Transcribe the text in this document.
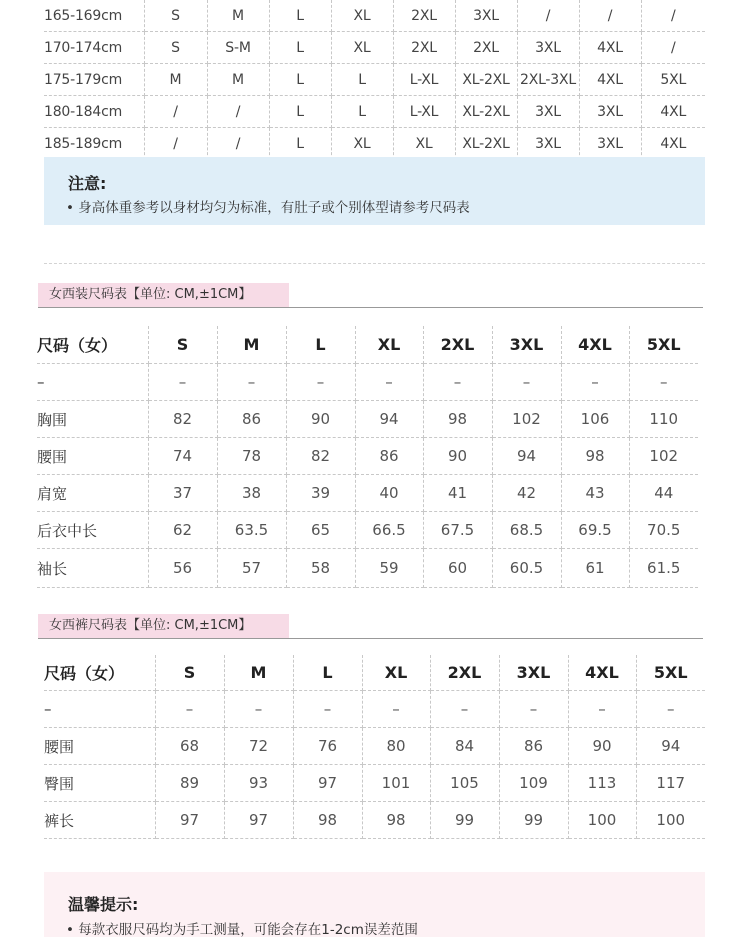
165-169cm	S	M	L	XL	2XL	3XL	/	/	/
170-174cm	S	S-M	L	XL	2XL	2XL	3XL	4XL	/
175-179cm	M	M	L	L	L-XL	XL-2XL	2XL-3XL	4XL	5XL
180-184cm	/	/	L	L	L-XL	XL-2XL	3XL	3XL	4XL
185-189cm	/	/	L	XL	XL	XL-2XL	3XL	3XL	4XL
注意:
• 身高体重参考以身材均匀为标准，有肚子或个别体型请参考尺码表
女西装尺码表【单位: CM,±1CM】
尺码（女）	S	M	L	XL	2XL	3XL	4XL	5XL
–	–	–	–	–	–	–	–	–
胸围	82	86	90	94	98	102	106	110
腰围	74	78	82	86	90	94	98	102
肩宽	37	38	39	40	41	42	43	44
后衣中长	62	63.5	65	66.5	67.5	68.5	69.5	70.5
袖长	56	57	58	59	60	60.5	61	61.5
女西裤尺码表【单位: CM,±1CM】
尺码（女）	S	M	L	XL	2XL	3XL	4XL	5XL
–	–	–	–	–	–	–	–	–
腰围	68	72	76	80	84	86	90	94
臀围	89	93	97	101	105	109	113	117
裤长	97	97	98	98	99	99	100	100
温馨提示:
• 每款衣服尺码均为手工测量，可能会存在1-2cm误差范围
